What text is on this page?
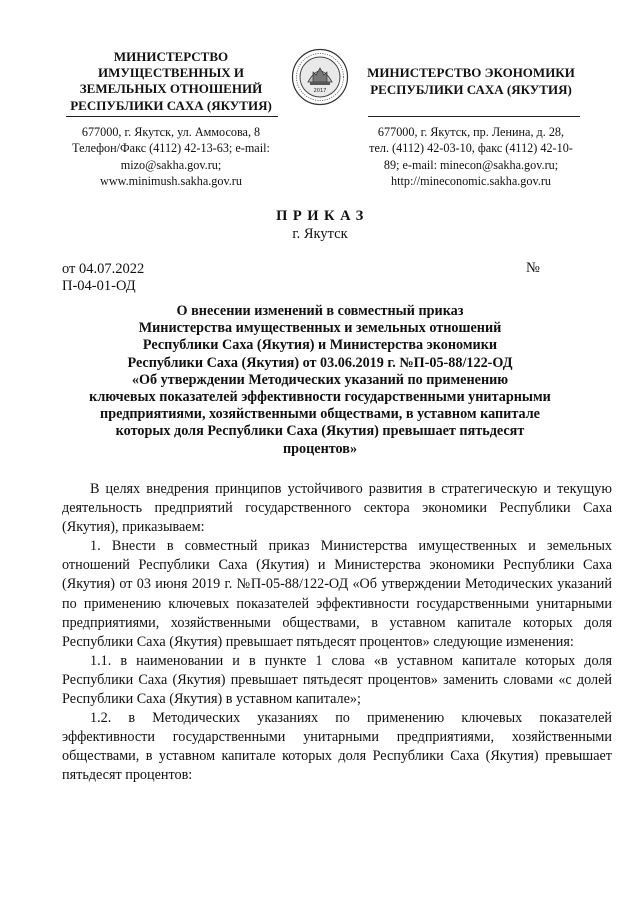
МИНИСТЕРСТВО
ИМУЩЕСТВЕННЫХ И
ЗЕМЕЛЬНЫХ ОТНОШЕНИЙ
РЕСПУБЛИКИ САХА (ЯКУТИЯ)
677000, г. Якутск, ул. Аммосова, 8
Телефон/Факс (4112) 42-13-63; e-mail:
mizo@sakha.gov.ru;
www.minimush.sakha.gov.ru
2017
МИНИСТЕРСТВО ЭКОНОМИКИ
РЕСПУБЛИКИ САХА (ЯКУТИЯ)
677000, г. Якутск, пр. Ленина, д. 28,
тел. (4112) 42-03-10, факс (4112) 42-10-
89; e-mail: minecon@sakha.gov.ru;
http://mineconomic.sakha.gov.ru
ПРИКАЗ
г. Якутск
от 04.07.2022	№
П-04-01-ОД
О внесении изменений в совместный приказ
Министерства имущественных и земельных отношений
Республики Саха (Якутия) и Министерства экономики
Республики Саха (Якутия) от 03.06.2019 г. №П-05-88/122-ОД
«Об утверждении Методических указаний по применению
ключевых показателей эффективности государственными унитарными
предприятиями, хозяйственными обществами, в уставном капитале
которых доля Республики Саха (Якутия) превышает пятьдесят
процентов»

В целях внедрения принципов устойчивого развития в стратегическую и текущую деятельность предприятий государственного сектора экономики Республики Саха (Якутия), приказываем:

1. Внести в совместный приказ Министерства имущественных и земельных отношений Республики Саха (Якутия) и Министерства экономики Республики Саха (Якутия) от 03 июня 2019 г. №П-05-88/122-ОД «Об утверждении Методических указаний по применению ключевых показателей эффективности государственными унитарными предприятиями, хозяйственными обществами, в уставном капитале которых доля Республики Саха (Якутия) превышает пятьдесят процентов» следующие изменения:

1.1. в наименовании и в пункте 1 слова «в уставном капитале которых доля Республики Саха (Якутия) превышает пятьдесят процентов» заменить словами «с долей Республики Саха (Якутия) в уставном капитале»;

1.2. в Методических указаниях по применению ключевых показателей эффективности государственными унитарными предприятиями, хозяйственными обществами, в уставном капитале которых доля Республики Саха (Якутия) превышает пятьдесят процентов:
